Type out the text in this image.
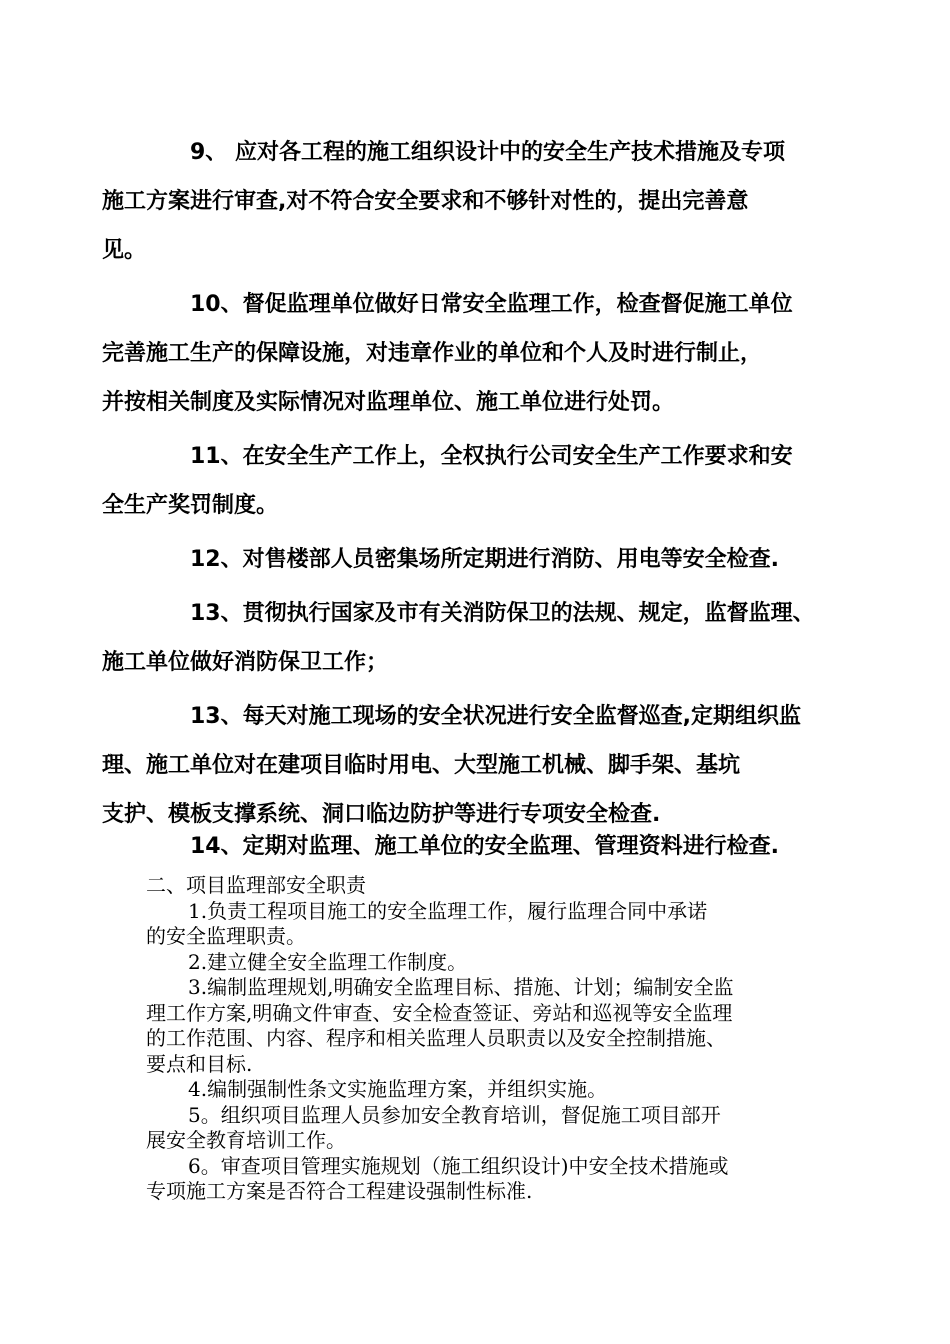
9、 应对各工程的施工组织设计中的安全生产技术措施及专项
施工方案进行审查,对不符合安全要求和不够针对性的，提出完善意
见。

10、督促监理单位做好日常安全监理工作，检查督促施工单位
完善施工生产的保障设施，对违章作业的单位和个人及时进行制止，
并按相关制度及实际情况对监理单位、施工单位进行处罚。

11、在安全生产工作上，全权执行公司安全生产工作要求和安
全生产奖罚制度。

12、对售楼部人员密集场所定期进行消防、用电等安全检查.

13、贯彻执行国家及市有关消防保卫的法规、规定，监督监理、
施工单位做好消防保卫工作；

13、每天对施工现场的安全状况进行安全监督巡查,定期组织监
理、施工单位对在建项目临时用电、大型施工机械、脚手架、基坑
支护、模板支撑系统、洞口临边防护等进行专项安全检查.

14、定期对监理、施工单位的安全监理、管理资料进行检查.

二、项目监理部安全职责

1.负责工程项目施工的安全监理工作，履行监理合同中承诺
的安全监理职责。
2.建立健全安全监理工作制度。
3.编制监理规划,明确安全监理目标、措施、计划；编制安全监
理工作方案,明确文件审查、安全检查签证、旁站和巡视等安全监理
的工作范围、内容、程序和相关监理人员职责以及安全控制措施、
要点和目标.
4.编制强制性条文实施监理方案，并组织实施。
5。组织项目监理人员参加安全教育培训，督促施工项目部开
展安全教育培训工作。
6。审查项目管理实施规划（施工组织设计)中安全技术措施或
专项施工方案是否符合工程建设强制性标准.
